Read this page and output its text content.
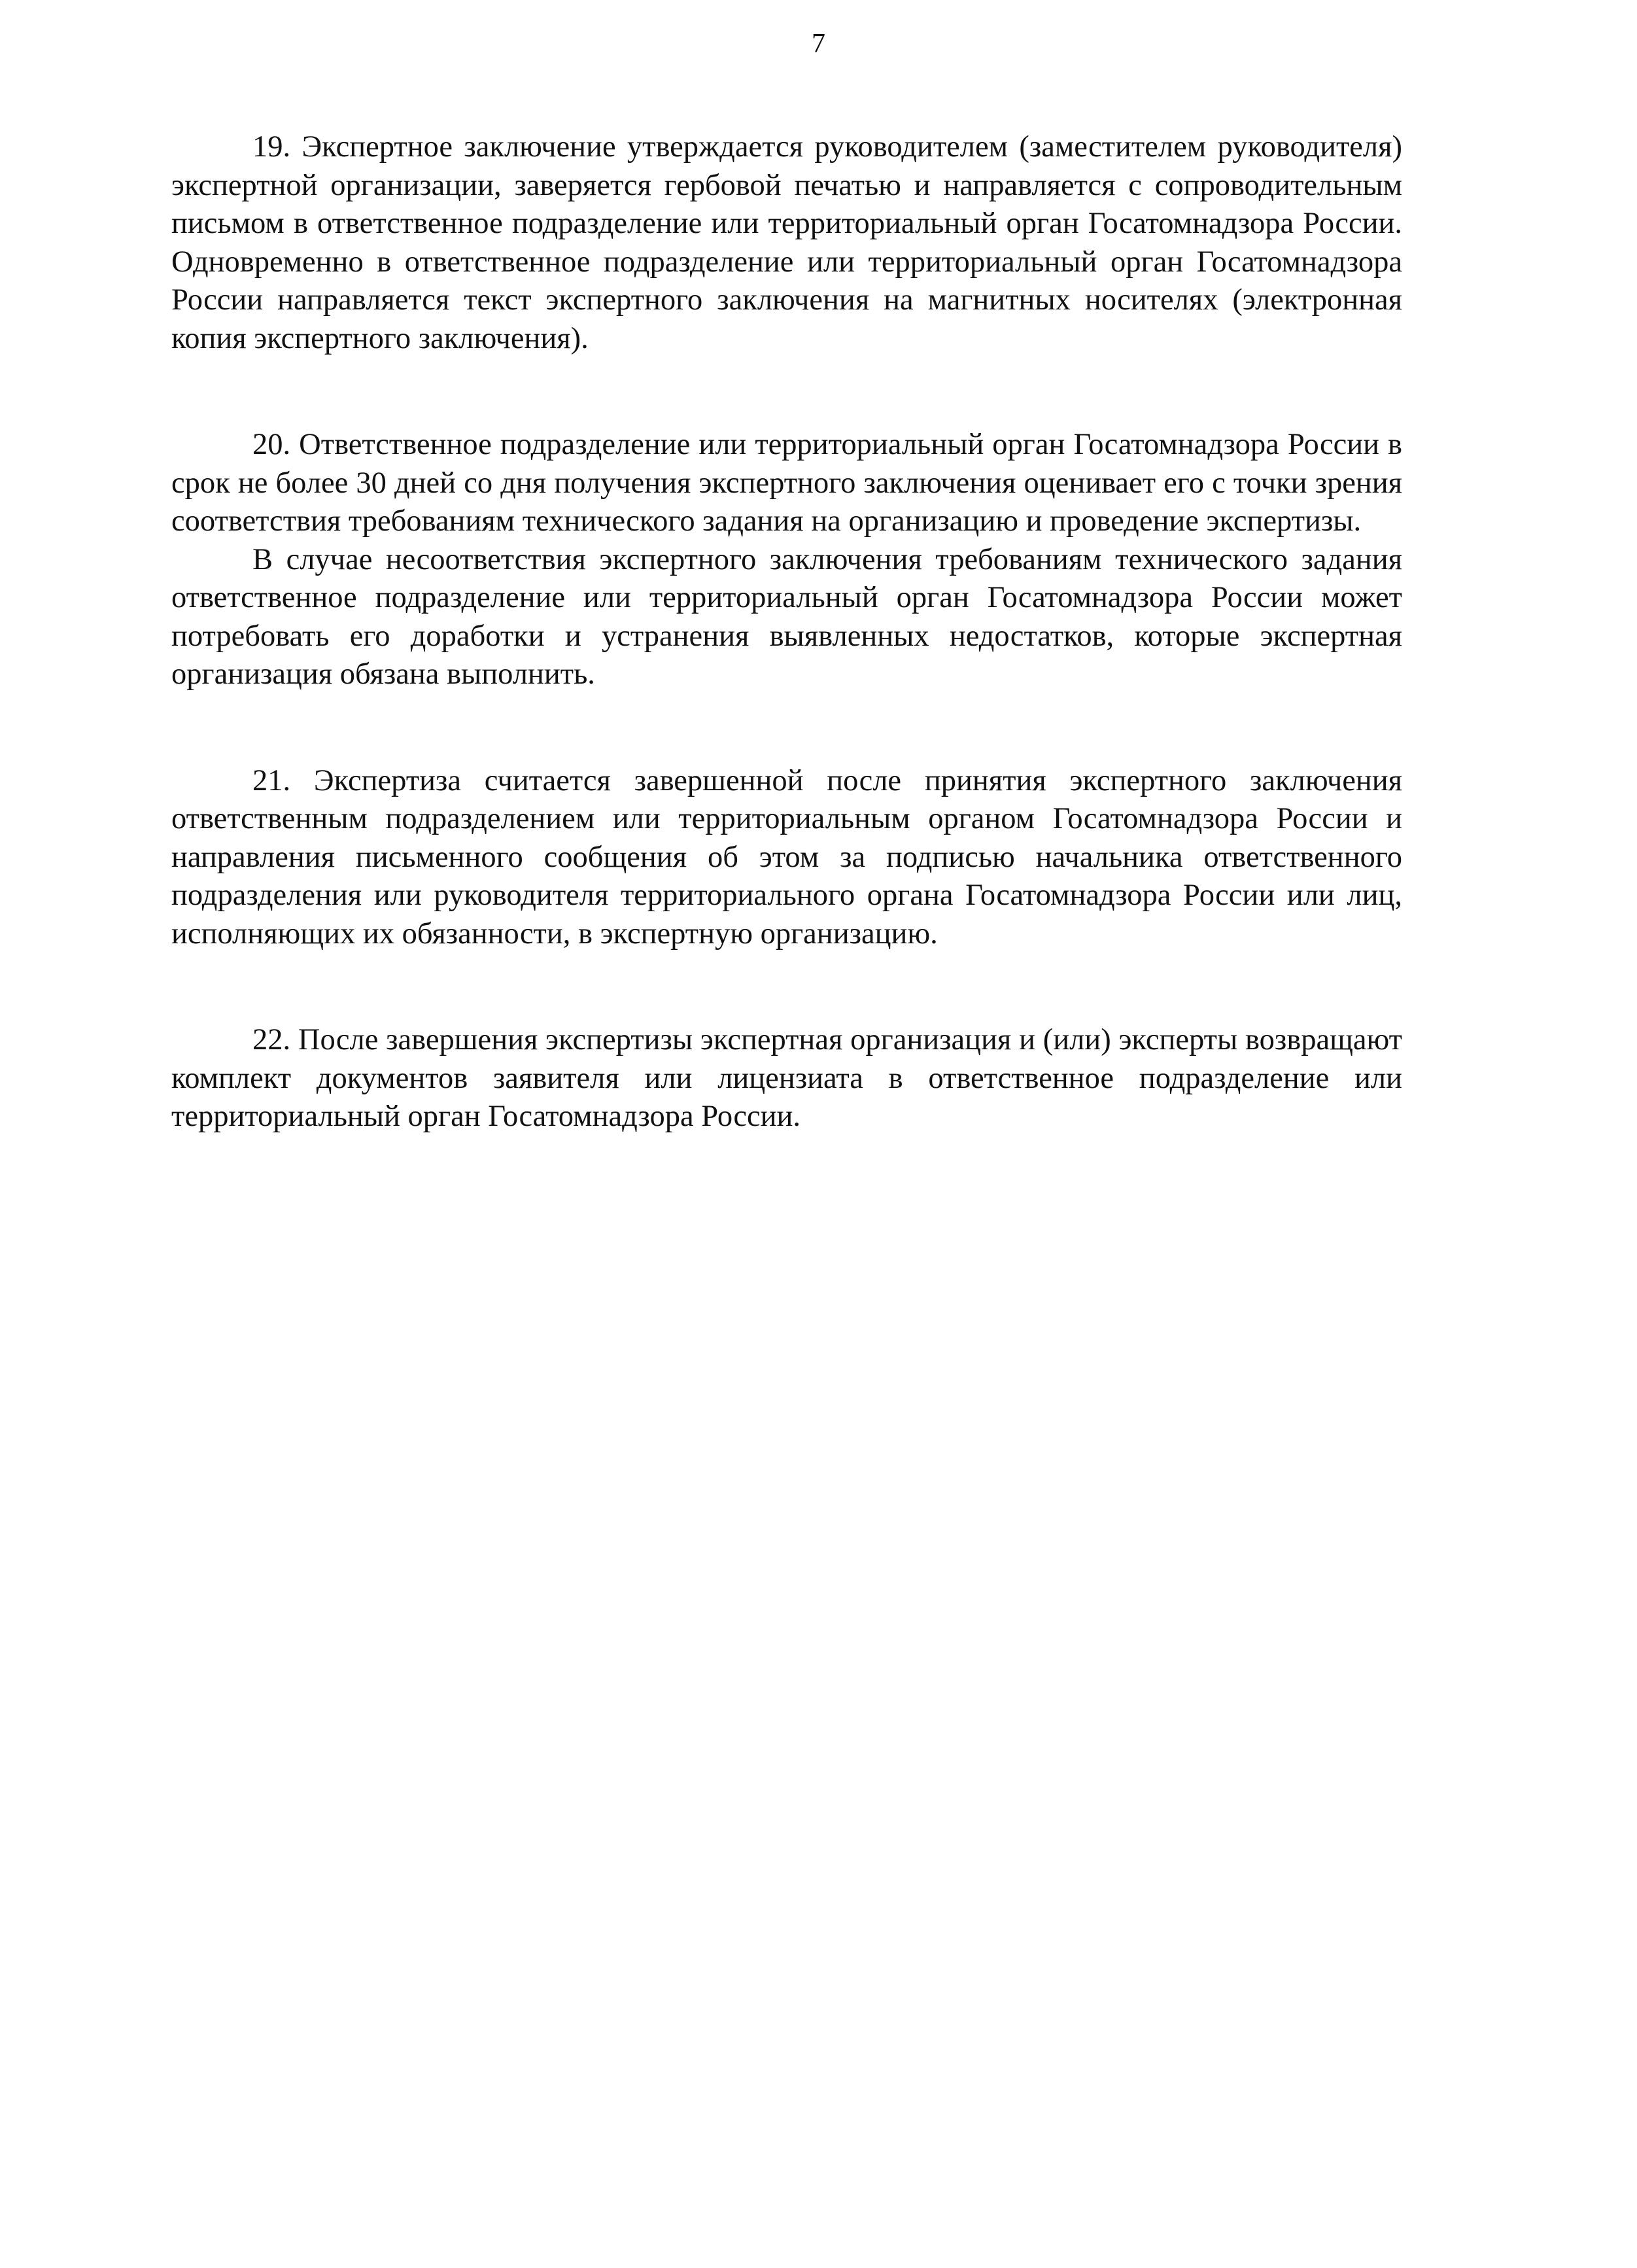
7

19. Экспертное заключение утверждается руководителем (заместителем руководителя) экспертной организации, заверяется гербовой печатью и направляется с сопроводительным письмом в ответственное подразделение или территориальный орган Госатомнадзора России. Одновременно в ответственное подразделение или территориальный орган Госатомнадзора России направляется текст экспертного заключения на магнитных носителях (электронная копия экспертного заключения).

20. Ответственное подразделение или территориальный орган Госатомнадзора России в срок не более 30 дней со дня получения экспертного заключения оценивает его с точки зрения соответствия требованиям технического задания на организацию и проведение экспертизы.

В случае несоответствия экспертного заключения требованиям технического задания ответственное подразделение или территориальный орган Госатомнадзора России может потребовать его доработки и устранения выявленных недостатков, которые экспертная организация обязана выполнить.

21. Экспертиза считается завершенной после принятия экспертного заключения ответственным подразделением или территориальным органом Госатомнадзора России и направления письменного сообщения об этом за подписью начальника ответственного подразделения или руководителя территориального органа Госатомнадзора России или лиц, исполняющих их обязанности, в экспертную организацию.

22. После завершения экспертизы экспертная организация и (или) эксперты возвращают комплект документов заявителя или лицензиата в ответственное подразделение или территориальный орган Госатомнадзора России.
